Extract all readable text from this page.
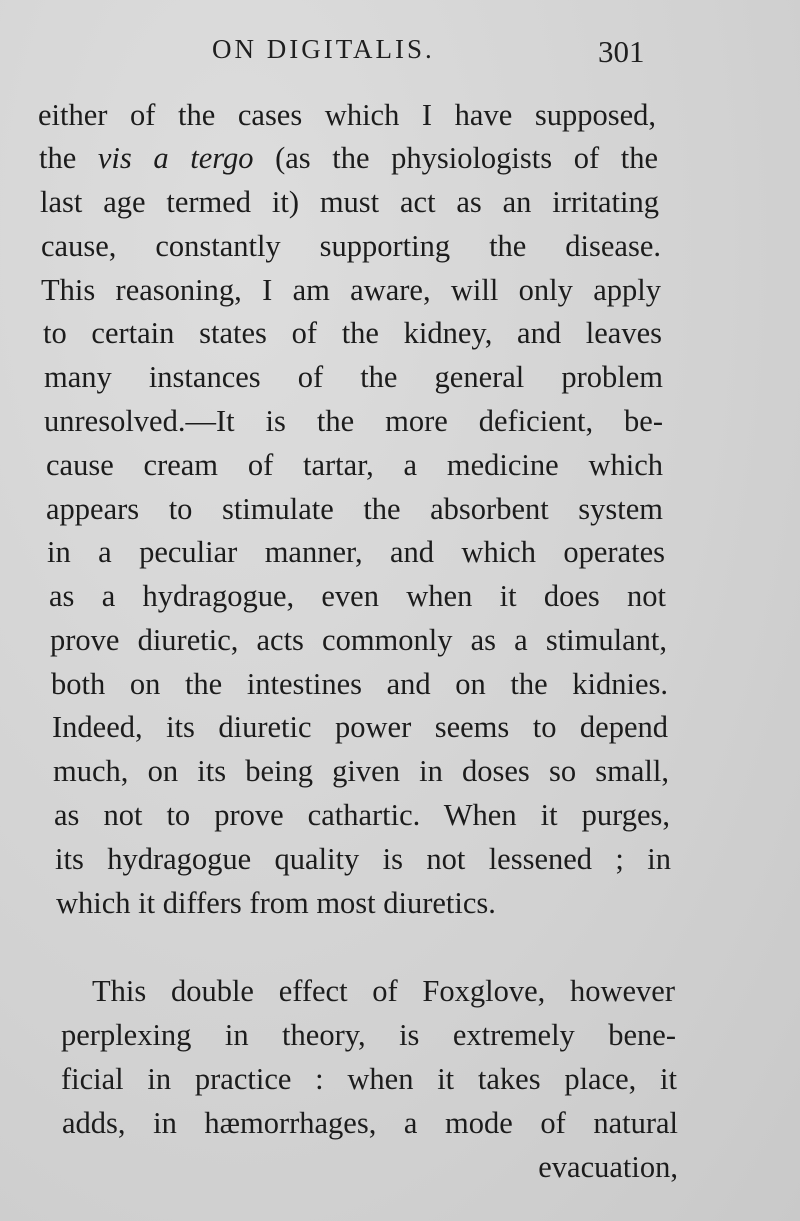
ON DIGITALIS.	301
either of the cases which I have supposed,
the vis a tergo (as the physiologists of the
last age termed it) must act as an irritating
cause, constantly supporting the disease.
This reasoning, I am aware, will only apply
to certain states of the kidney, and leaves
many instances of the general problem
unresolved.—It is the more deficient, be-
cause cream of tartar, a medicine which
appears to stimulate the absorbent system
in a peculiar manner, and which operates
as a hydragogue, even when it does not
prove diuretic, acts commonly as a stimulant,
both on the intestines and on the kidnies.
Indeed, its diuretic power seems to depend
much, on its being given in doses so small,
as not to prove cathartic. When it purges,
its hydragogue quality is not lessened ; in
which it differs from most diuretics.
This double effect of Foxglove, however
perplexing in theory, is extremely bene-
ficial in practice : when it takes place, it
adds, in hæmorrhages, a mode of natural
evacuation,
